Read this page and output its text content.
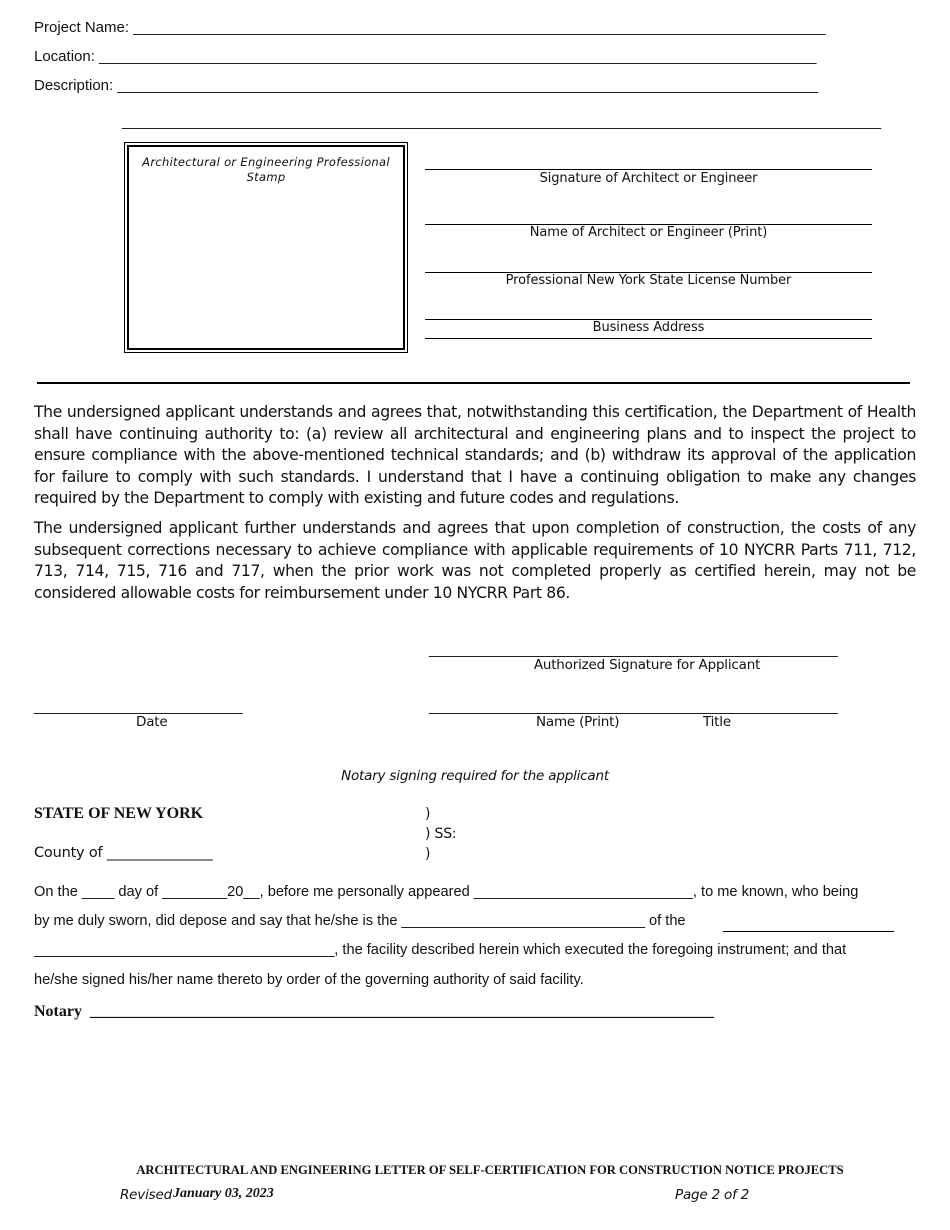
Project Name: ___________________________________________________________________________________
Location: ______________________________________________________________________________________
Description: ____________________________________________________________________________________
___________________________________________________________________________________________
Architectural or Engineering Professional Stamp	Signature of Architect or Engineer
Name of Architect or Engineer (Print)
Professional New York State License Number
Business Address
The undersigned applicant understands and agrees that, notwithstanding this certification, the Department of Health shall have continuing authority to: (a) review all architectural and engineering plans and to inspect the project to ensure compliance with the above-mentioned technical standards; and (b) withdraw its approval of the application for failure to comply with such standards. I understand that I have a continuing obligation to make any changes required by the Department to comply with existing and future codes and regulations.
The undersigned applicant further understands and agrees that upon completion of construction, the costs of any subsequent corrections necessary to achieve compliance with applicable requirements of 10 NYCRR Parts 711, 712, 713, 714, 715, 716 and 717, when the prior work was not completed properly as certified herein, may not be considered allowable costs for reimbursement under 10 NYCRR Part 86.
_________________________________________________
Authorized Signature for Applicant
_________________________
Date
_________________________________________________
Name (Print)	Title
Notary signing required for the applicant
STATE OF NEW YORK	)
) SS:
)
County of _______________
On the ____ day of ________20__, before me personally appeared ___________________________, to me known, who being
by me duly sworn, did depose and say that he/she is the ______________________________ of the
_____________________________________, the facility described herein which executed the foregoing instrument; and that
he/she signed his/her name thereto by order of the governing authority of said facility.
Notary ______________________________________________________________________________
ARCHITECTURAL AND ENGINEERING LETTER OF SELF-CERTIFICATION FOR CONSTRUCTION NOTICE PROJECTS
Revised January 03, 2023	Page 2 of 2
